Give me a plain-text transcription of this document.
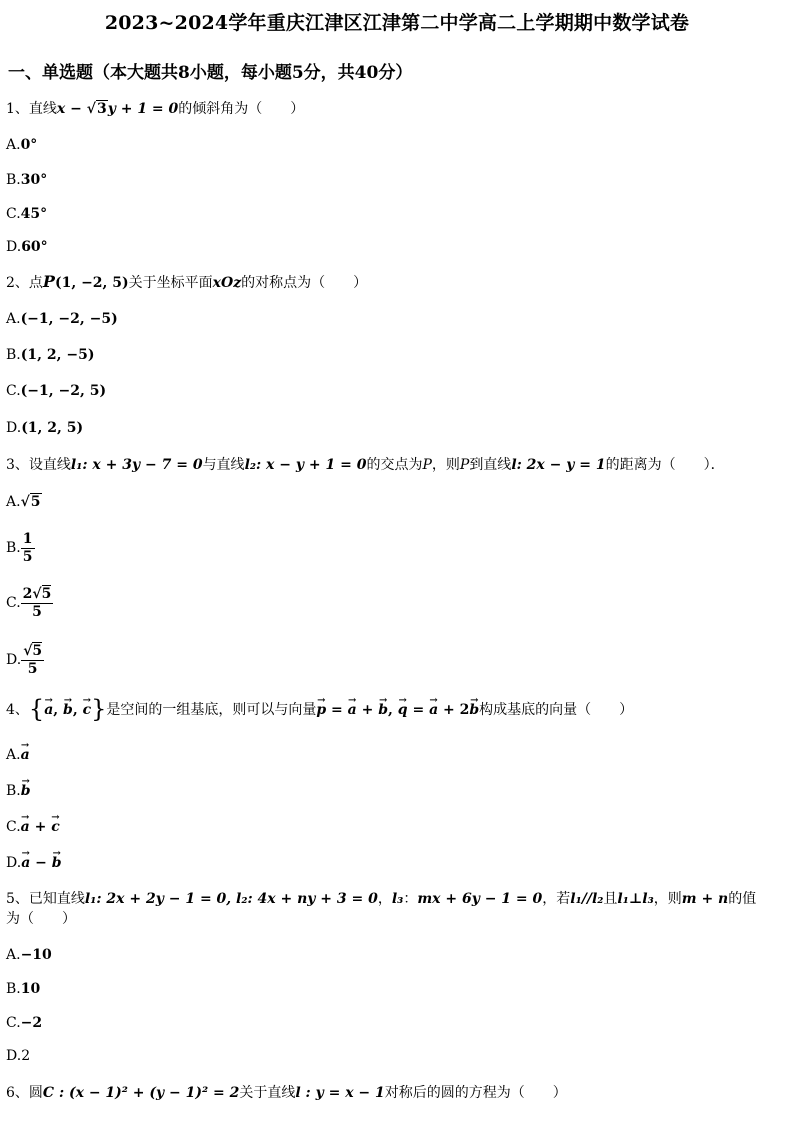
2023~2024学年重庆江津区江津第二中学高二上学期期中数学试卷
一、单选题（本大题共8小题，每小题5分，共40分）
1、直线x − √3y + 1 = 0的倾斜角为（　　）
A.0°
B.30°
C.45°
D.60°
2、点P(1, −2, 5)关于坐标平面xOz的对称点为（　　）
A.(−1, −2, −5)
B.(1, 2, −5)
C.(−1, −2, 5)
D.(1, 2, 5)
3、设直线l₁: x + 3y − 7 = 0与直线l₂: x − y + 1 = 0的交点为P，则P到直线l: 2x − y = 1的距离为（　　）．
A.√5
B. $\frac{1}{5}$
C. $\frac{2√5}{5}$
D. $\frac{√5}{5}$
4、{→ a, → b, → c}是空间的一组基底，则可以与向量→ p = → a + → b, → q = → a + 2→ b构成基底的向量（　　）
A.→ a
B.→ b
C.→ a + → c
D.→ a − → b
5、已知直线l₁: 2x + 2y − 1 = 0, l₂: 4x + ny + 3 = 0，l₃：mx + 6y − 1 = 0，若l₁//l₂且l₁⊥l₃，则m + n的值
为（　　）
A.−10
B.10
C.−2
D.2
6、圆C : (x − 1)² + (y − 1)² = 2关于直线l : y = x − 1对称后的圆的方程为（　　）
